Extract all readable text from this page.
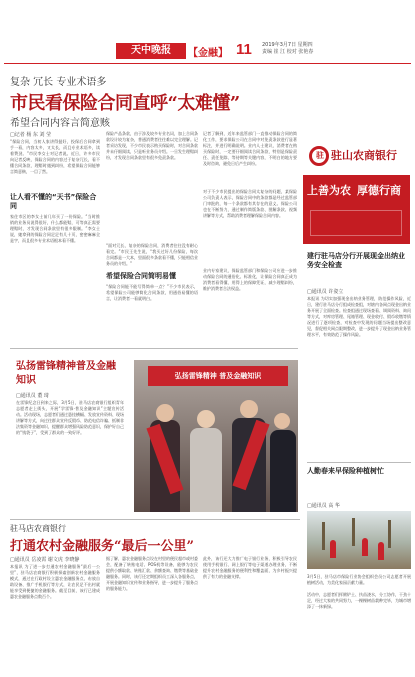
天中晚报	【金融】 11 2019年3月7日 星期四
责编 崔 江 校对 张艳春
复杂 冗长 专业术语多
市民看保险合同直呼“太难懂”
希望合同内容言简意赅
□记者 杨 东 刘 莹
“保险合同，当初人家讲得挺好，投保后合同拿到手一看，内容太多，又太长，而且专业术语多，读着费劲。”市民李女士对记者说。近日，许多市民向记者反映，保险合同的内容过于复杂冗长，看不懂合同条款，理赔时遇到纠纷，希望保险合同能够言简意赅，一目了然。
让人看不懂的“天书”保险合同
家住市区的李女士前几年买了一份保险。“当时推销的业务员说得很好，什么都能赔，可等真正需要理赔时，才发现合同条款里有很多限制。”李女士说，她拿到的保险合同足足有几十页，密密麻麻全是字，而且很多专业术语根本看不懂。
保险产品条款，由于涉及较多专业名词，加上合同条款设计较为复杂，普通消费者往往难以完全理解。记者采访发现，不少市民表示购买保险时，对合同条款并未仔细阅读，只是听业务员介绍。一旦发生理赔纠纷，才发现合同条款里有很多免责条款。
“面对冗长、复杂的保险合同，消费者往往没有耐心看完。”市民王先生说，“我买过好几份保险，每次合同都是一大本，里面很多条款看不懂，只能相信业务员的介绍。”
希望保险合同简明易懂
“保险合同能不能写得简单一点？”不少市民表示，希望保险公司能够简化合同条款，用通俗易懂的语言，让消费者一看就明白。
记者了解到，近年来监管部门一直推动保险合同的简化工作，要求保险公司在合同中对免责条款进行显著标注，并进行明确说明。业内人士建议，消费者在购买保险时，一定要仔细阅读合同条款，特别是保险责任、责任免除、等待期等关键内容，不明白的地方要及时咨询，避免日后产生纠纷。
对于不少市民提出的保险合同太复杂的问题，某保险公司负责人表示，保险合同中的条款都是经过监管部门审批的，每一个条款都有其存在的意义。保险公司也在不断努力，通过制作简版条款、图解条款、视频讲解等方式，帮助消费者理解保险合同内容。
业内专家建议，保险监管部门和保险公司应进一步推动保险合同的通俗化、标准化，让保险合同真正成为消费者看得懂、用得上的保障凭证，减少理赔纠纷，维护消费者合法权益。
驻 驻山农商银行
上善为农 厚德行商
建行驻马店分行开展现金出纳业务安全检查
□通讯员 许姿立
本报讯 为切实加强现金出纳业务管理，防范操作风险，近日，建行驻马店分行组成检查组，对辖内各网点现金出纳业务开展了全面检查。检查组通过现场查看、调阅资料、询问等方式，对库房管理、尾箱管理、现金收付、假币收缴等情况进行了逐项检查，对检查中发现的问题当场提出整改意见，督促相关网点限期整改，进一步提升了现金出纳业务管理水平，有效防范了操作风险。
弘扬雷锋精神普及金融知识
□通讯员 董 琦
在雷锋纪念日到来之际，3月5日，驻马店农商银行组织青年志愿者走上街头，开展“学雷锋·普及金融知识”主题宣传活动。活动现场，志愿者们通过悬挂横幅、发放宣传资料、现场讲解等方式，向过往群众宣传反假币、防范电信诈骗、抵制非法集资等金融知识，提醒群众增强风险防范意识，保护好自己的“钱袋子”，受到了群众的一致好评。
弘扬雷锋精神 普及金融知识
人勤春来早保险种植树忙
□通讯员 高 华
3月5日，驻马店市保险行业协会组织会员公司志愿者开展植树活动，为美化家园贡献力量。
活动中，志愿者们挥锹铲土、扶苗浇水，分工协作，干劲十足，经过大家的共同努力，一棵棵树苗栽种完毕，为城市增添了一抹新绿。
驻马店农商银行
打通农村金融服务“最后一公里”
□通讯员 岳凌霄 谢文虎 李晓静
本报讯 为了进一步打通农村金融服务“最后一公里”，驻马店农商银行积极探索创新农村金融服务模式，通过在行政村设立惠农金融服务点、布放自助设备、推广手机银行等方式，让农民足不出村就能享受到便捷的金融服务。截至目前，该行已建成惠农金融服务点数百个。
据了解，惠农金融服务点设在村里的便民超市或村委会，配备了转账电话、POS机等设备，能够为农民提供小额取款、转账汇款、余额查询、缴费等基础金融服务。同时，该行还定期组织员工深入各服务点，开展金融知识宣传和业务指导，进一步提升了服务点的服务能力。
此外，该行还大力推广电子银行业务，积极引导农民使用手机银行、网上银行等电子渠道办理业务，不断提升农村金融服务的便利性和覆盖面，为乡村振兴提供了有力的金融支撑。
